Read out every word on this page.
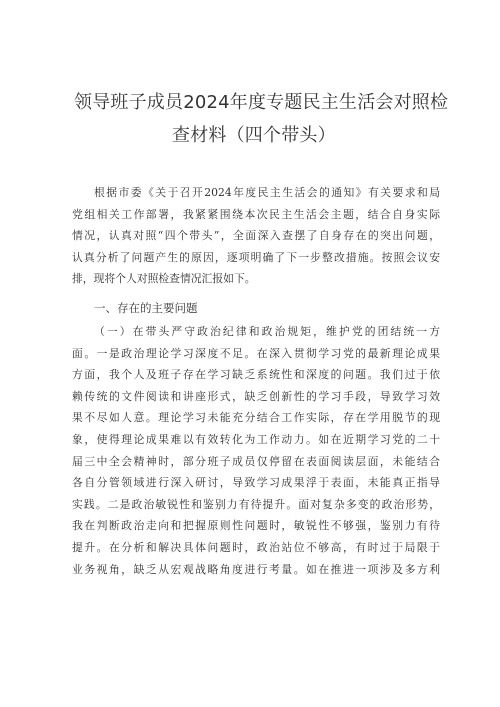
领导班子成员2024年度专题民主生活会对照检
查材料（四个带头）
根据市委《关于召开2024年度民主生活会的通知》有关要求和局
党组相关工作部署，我紧紧围绕本次民主生活会主题，结合自身实际
情况，认真对照“四个带头”，全面深入查摆了自身存在的突出问题，
认真分析了问题产生的原因，逐项明确了下一步整改措施。按照会议安
排，现将个人对照检查情况汇报如下。
一、存在的主要问题
（一）在带头严守政治纪律和政治规矩，维护党的团结统一方
面。一是政治理论学习深度不足。在深入贯彻学习党的最新理论成果
方面，我个人及班子存在学习缺乏系统性和深度的问题。我们过于依
赖传统的文件阅读和讲座形式，缺乏创新性的学习手段，导致学习效
果不尽如人意。理论学习未能充分结合工作实际，存在学用脱节的现
象，使得理论成果难以有效转化为工作动力。如在近期学习党的二十
届三中全会精神时，部分班子成员仅停留在表面阅读层面，未能结合
各自分管领域进行深入研讨，导致学习成果浮于表面，未能真正指导
实践。二是政治敏锐性和鉴别力有待提升。面对复杂多变的政治形势，
我在判断政治走向和把握原则性问题时，敏锐性不够强，鉴别力有待
提升。在分析和解决具体问题时，政治站位不够高，有时过于局限于
业务视角，缺乏从宏观战略角度进行考量。如在推进一项涉及多方利
